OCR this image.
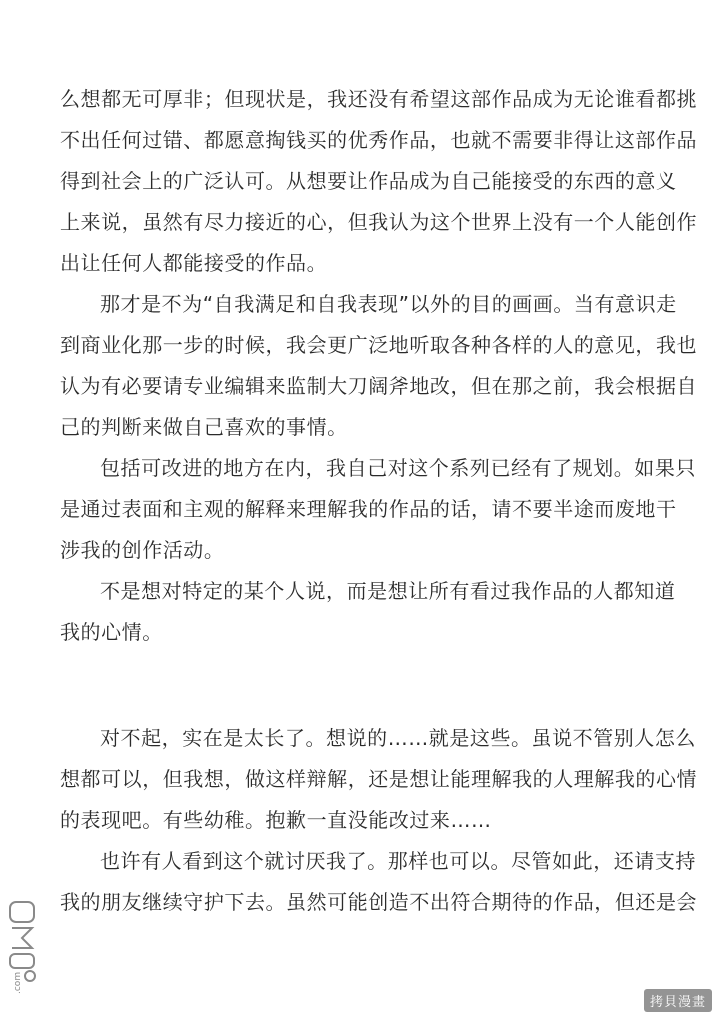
么想都无可厚非；但现状是，我还没有希望这部作品成为无论谁看都挑
不出任何过错、都愿意掏钱买的优秀作品，也就不需要非得让这部作品
得到社会上的广泛认可。从想要让作品成为自己能接受的东西的意义
上来说，虽然有尽力接近的心，但我认为这个世界上没有一个人能创作
出让任何人都能接受的作品。
那才是不为“自我满足和自我表现”以外的目的画画。当有意识走
到商业化那一步的时候，我会更广泛地听取各种各样的人的意见，我也
认为有必要请专业编辑来监制大刀阔斧地改，但在那之前，我会根据自
己的判断来做自己喜欢的事情。
包括可改进的地方在内，我自己对这个系列已经有了规划。如果只
是通过表面和主观的解释来理解我的作品的话，请不要半途而废地干
涉我的创作活动。
不是想对特定的某个人说，而是想让所有看过我作品的人都知道
我的心情。
对不起，实在是太长了。想说的……就是这些。虽说不管别人怎么
想都可以，但我想，做这样辩解，还是想让能理解我的人理解我的心情
的表现吧。有些幼稚。抱歉一直没能改过来……
也许有人看到这个就讨厌我了。那样也可以。尽管如此，还请支持
我的朋友继续守护下去。虽然可能创造不出符合期待的作品，但还是会
.com
拷貝漫畫
